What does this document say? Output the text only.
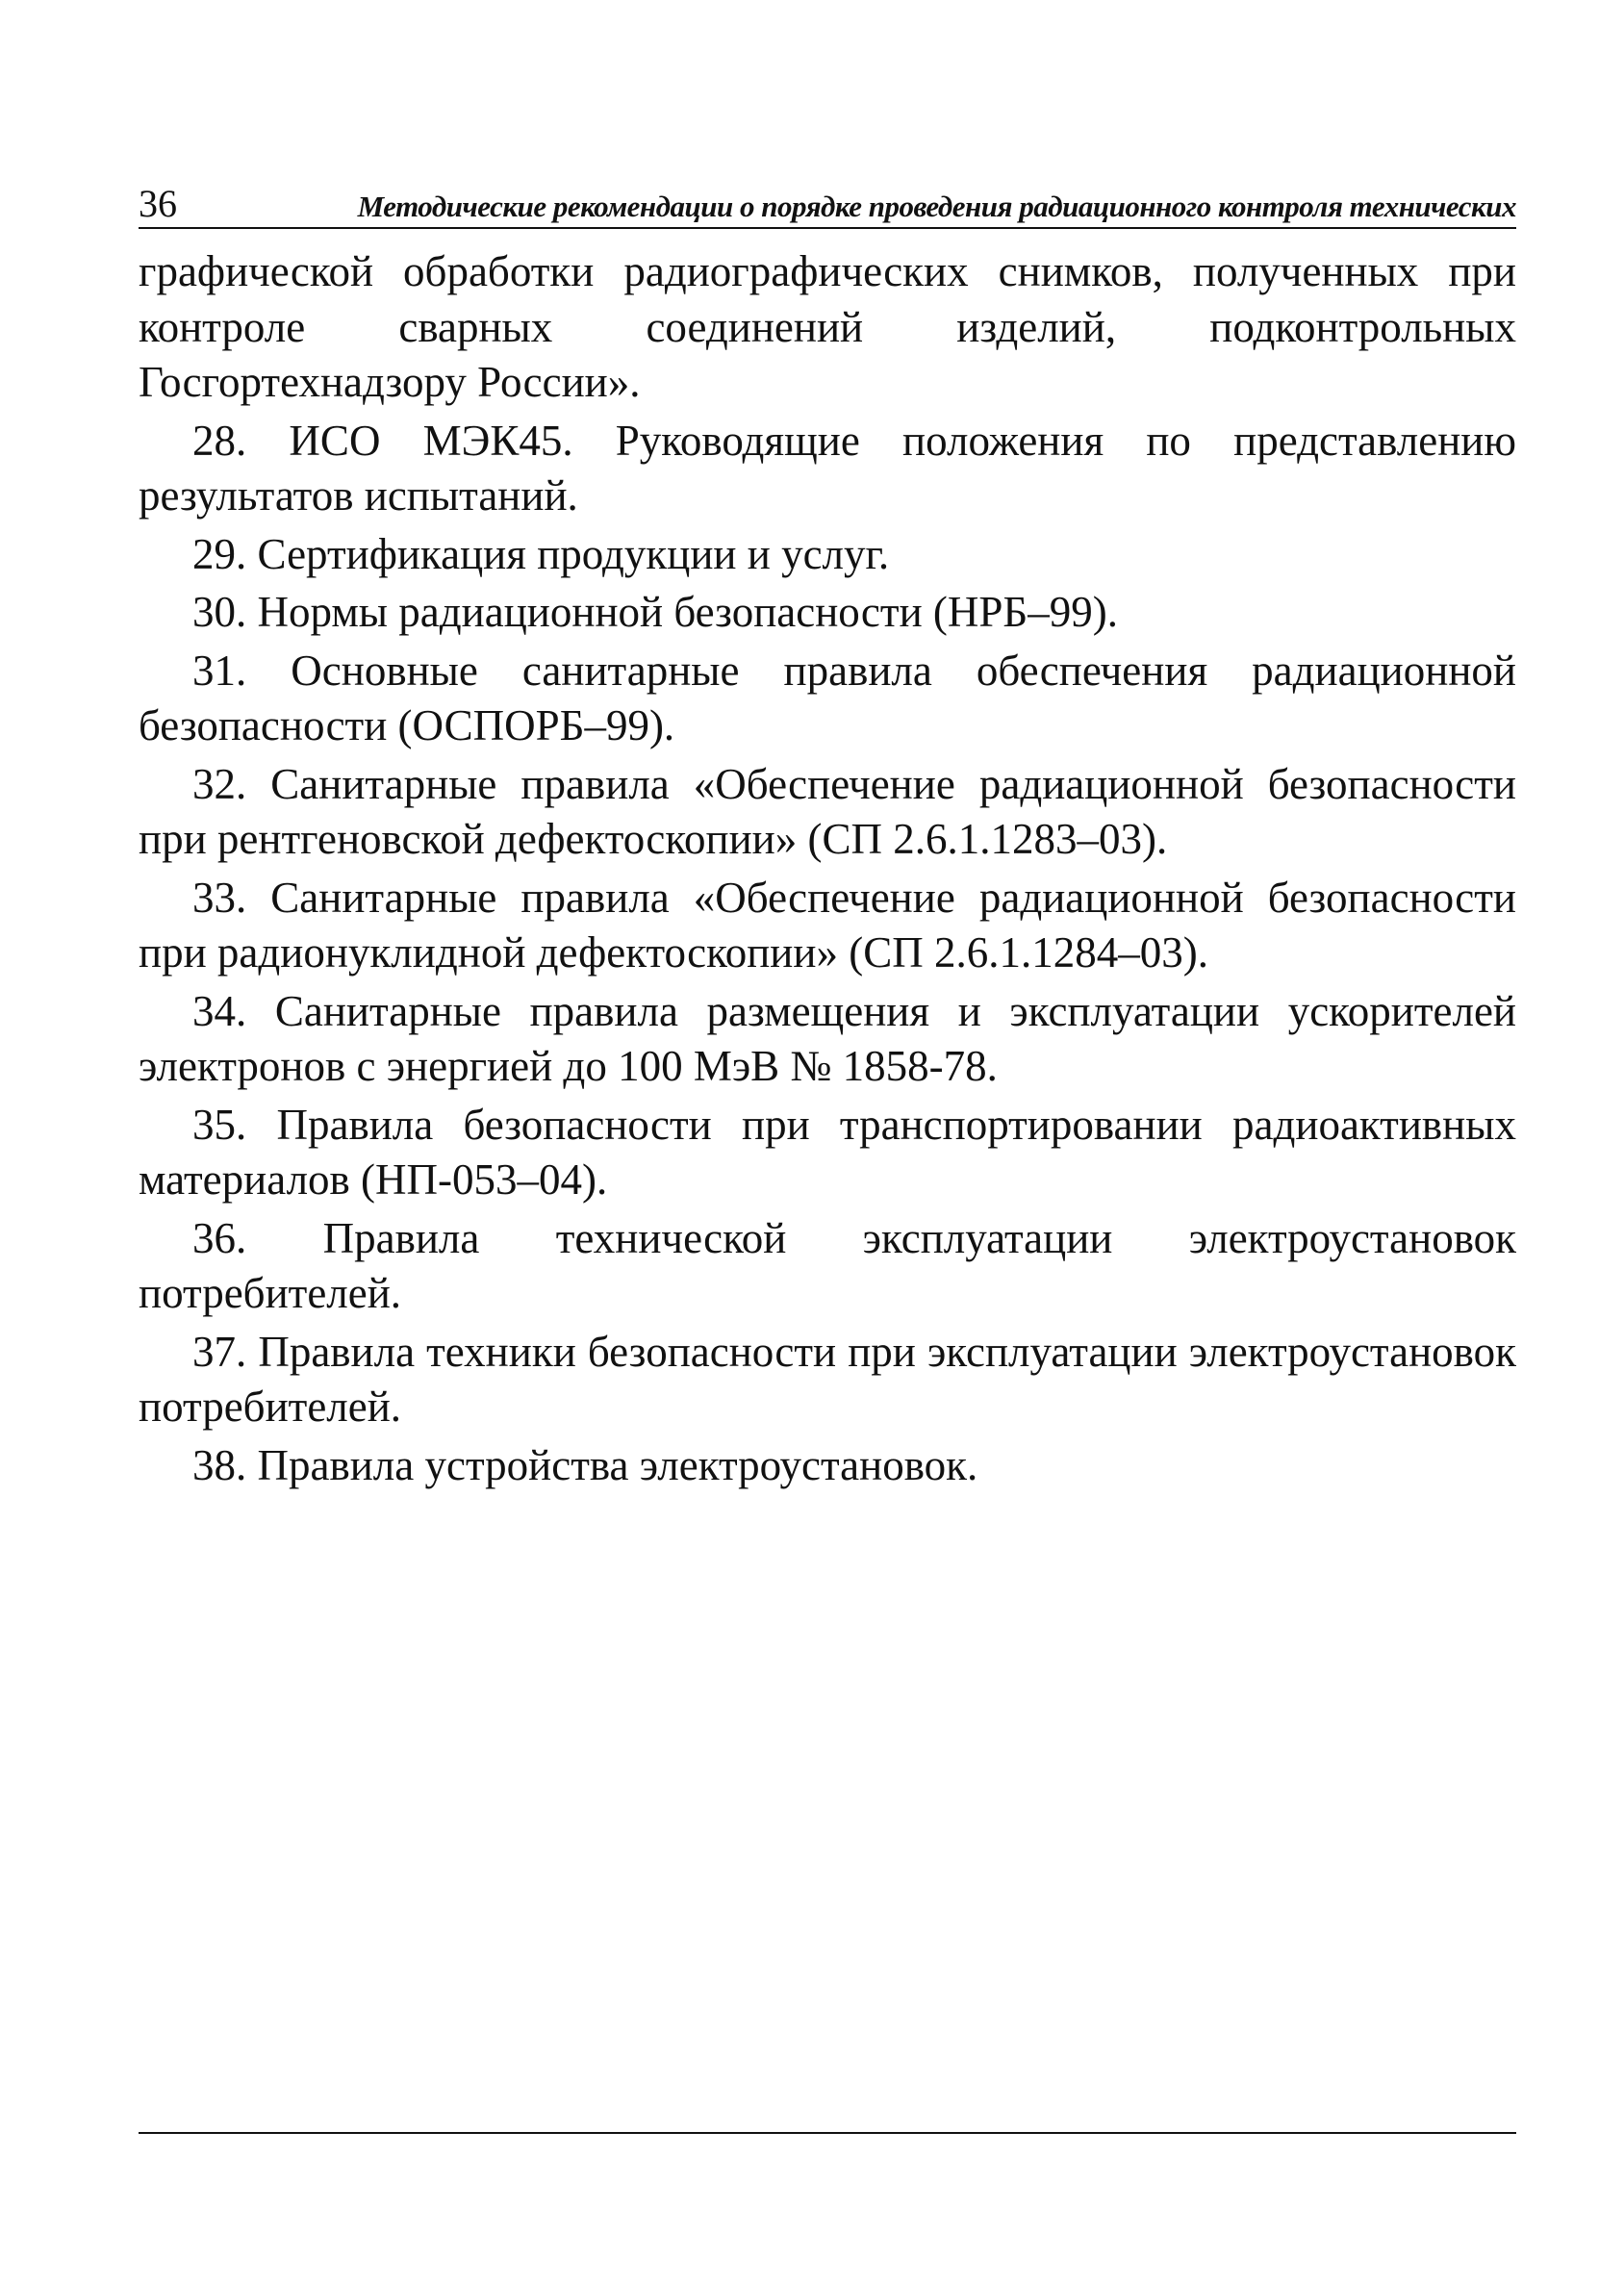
36	Методические рекомендации о порядке проведения радиационного контроля технических

графической обработки радиографических снимков, полученных при контроле сварных соединений изделий, подконтрольных Госгортехнадзору России».

28. ИСО МЭК45. Руководящие положения по представлению результатов испытаний.

29. Сертификация продукции и услуг.

30. Нормы радиационной безопасности (НРБ–99).

31. Основные санитарные правила обеспечения радиационной безопасности (ОСПОРБ–99).

32. Санитарные правила «Обеспечение радиационной безопасности при рентгеновской дефектоскопии» (СП 2.6.1.1283–03).

33. Санитарные правила «Обеспечение радиационной безопасности при радионуклидной дефектоскопии» (СП 2.6.1.1284–03).

34. Санитарные правила размещения и эксплуатации ускорителей электронов с энергией до 100 МэВ № 1858-78.

35. Правила безопасности при транспортировании радиоактивных материалов (НП-053–04).

36. Правила технической эксплуатации электроустановок потребителей.

37. Правила техники безопасности при эксплуатации электроустановок потребителей.

38. Правила устройства электроустановок.
